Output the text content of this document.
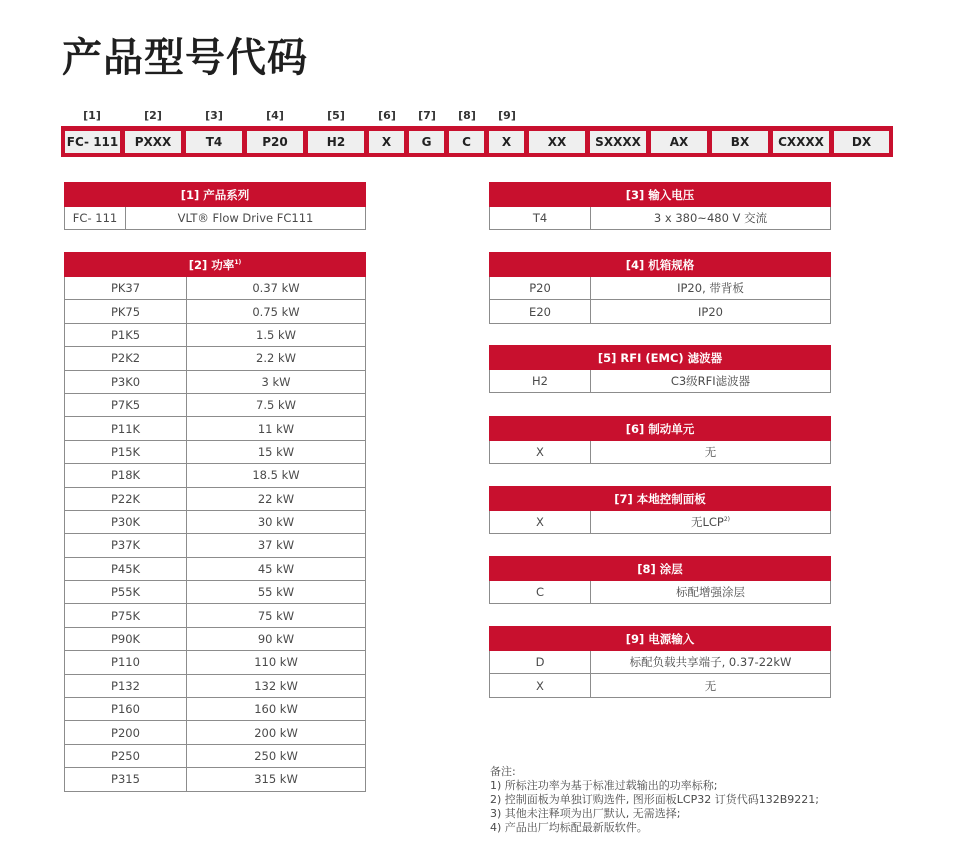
产品型号代码
[1]	[2]	[3]	[4]	[5]	[6] [7] [8] [9]
FC- 111	PXXX	T4	P20	H2	X	G	C	X	XX	SXXXX	AX	BX	CXXXX	DX
[1] 产品系列
FC- 111	VLT® Flow Drive FC111
[2] 功率$^{1)}$
PK37	0.37 kW
PK75	0.75 kW
P1K5	1.5 kW
P2K2	2.2 kW
P3K0	3 kW
P7K5	7.5 kW
P11K	11 kW
P15K	15 kW
P18K	18.5 kW
P22K	22 kW
P30K	30 kW
P37K	37 kW
P45K	45 kW
P55K	55 kW
P75K	75 kW
P90K	90 kW
P110	110 kW
P132	132 kW
P160	160 kW
P200	200 kW
P250	250 kW
P315	315 kW
[3] 输入电压
T4	3 x 380~480 V 交流
[4] 机箱规格	
P20	IP20, 带背板
E20	IP20
[5] RFI (EMC) 滤波器
H2	C3级RFI滤波器
[6] 制动单元
X	无
[7] 本地控制面板
X	无LCP$^{2)}$
[8] 涂层
C	标配增强涂层
[9] 电源输入	
D	标配负载共享端子, 0.37-22kW
X	无
备注:
1) 所标注功率为基于标准过载输出的功率标称;
2) 控制面板为单独订购选件, 图形面板LCP32 订货代码132B9221;
3) 其他未注释项为出厂默认, 无需选择;
4) 产品出厂均标配最新版软件。
